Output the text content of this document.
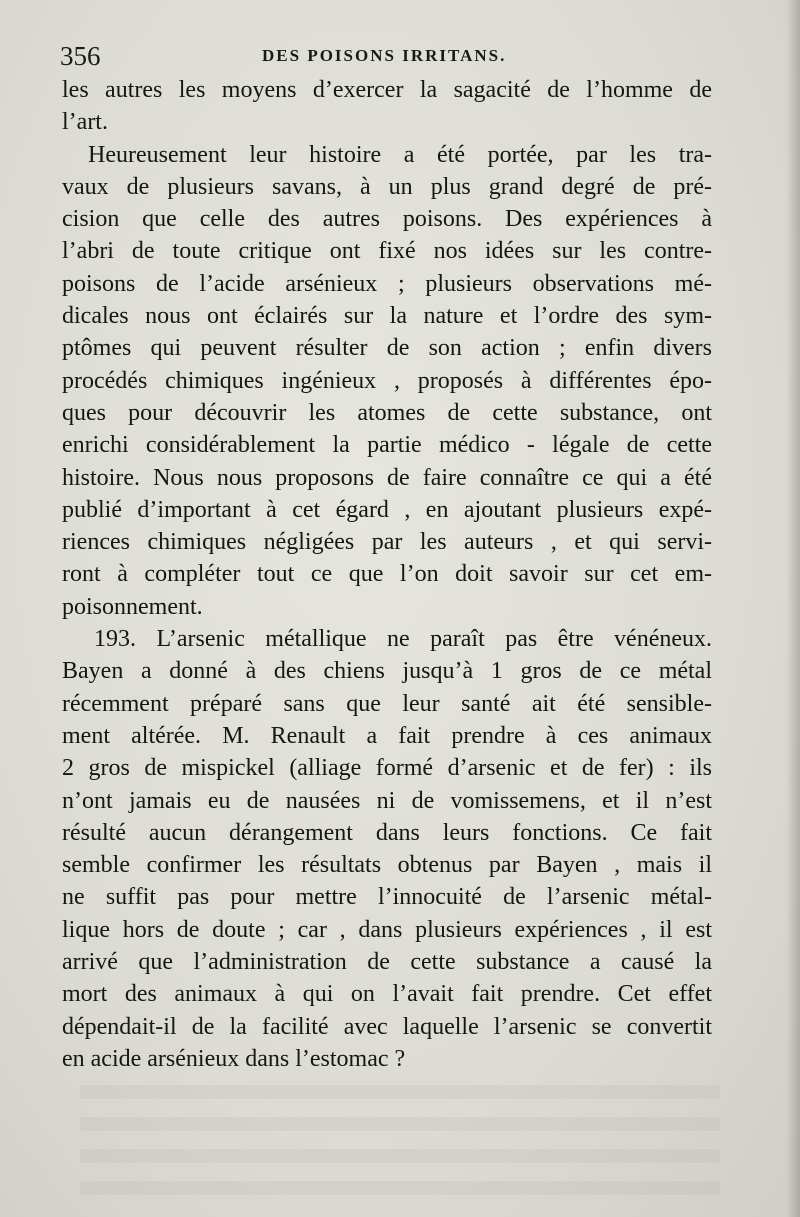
356	DES POISONS IRRITANS.
les autres les moyens d’exercer la sagacité de l’homme de
l’art.
Heureusement leur histoire a été portée, par les tra-
vaux de plusieurs savans, à un plus grand degré de pré-
cision que celle des autres poisons. Des expériences à
l’abri de toute critique ont fixé nos idées sur les contre-
poisons de l’acide arsénieux ; plusieurs observations mé-
dicales nous ont éclairés sur la nature et l’ordre des sym-
ptômes qui peuvent résulter de son action ; enfin divers
procédés chimiques ingénieux , proposés à différentes épo-
ques pour découvrir les atomes de cette substance, ont
enrichi considérablement la partie médico - légale de cette
histoire. Nous nous proposons de faire connaître ce qui a été
publié d’important à cet égard , en ajoutant plusieurs expé-
riences chimiques négligées par les auteurs , et qui servi-
ront à compléter tout ce que l’on doit savoir sur cet em-
poisonnement.
193. L’arsenic métallique ne paraît pas être vénéneux.
Bayen a donné à des chiens jusqu’à 1 gros de ce métal
récemment préparé sans que leur santé ait été sensible-
ment altérée. M. Renault a fait prendre à ces animaux
2 gros de mispickel (alliage formé d’arsenic et de fer) : ils
n’ont jamais eu de nausées ni de vomissemens, et il n’est
résulté aucun dérangement dans leurs fonctions. Ce fait
semble confirmer les résultats obtenus par Bayen , mais il
ne suffit pas pour mettre l’innocuité de l’arsenic métal-
lique hors de doute ; car , dans plusieurs expériences , il est
arrivé que l’administration de cette substance a causé la
mort des animaux à qui on l’avait fait prendre. Cet effet
dépendait-il de la facilité avec laquelle l’arsenic se convertit
en acide arsénieux dans l’estomac ?
